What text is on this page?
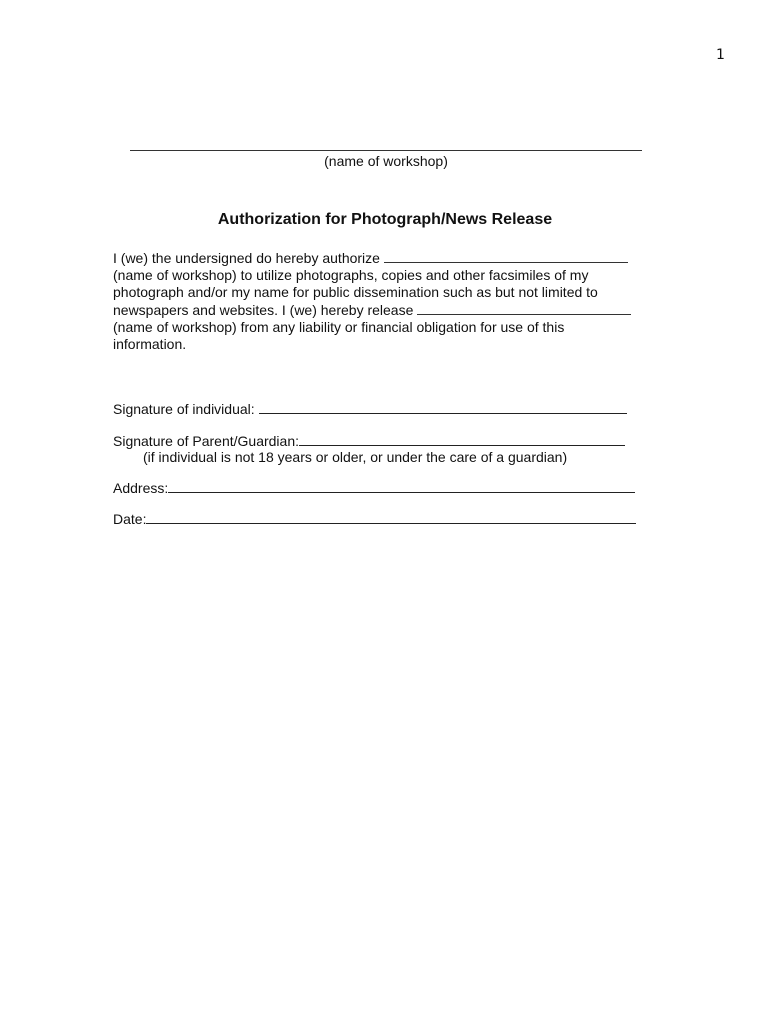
1
(name of workshop)
Authorization for Photograph/News Release
I (we) the undersigned do hereby authorize
(name of workshop) to utilize photographs, copies and other facsimiles of my
photograph and/or my name for public dissemination such as but not limited to
newspapers and websites. I (we) hereby release
(name of workshop) from any liability or financial obligation for use of this
information.
Signature of individual:
Signature of Parent/Guardian:
(if individual is not 18 years or older, or under the care of a guardian)
Address:
Date:
